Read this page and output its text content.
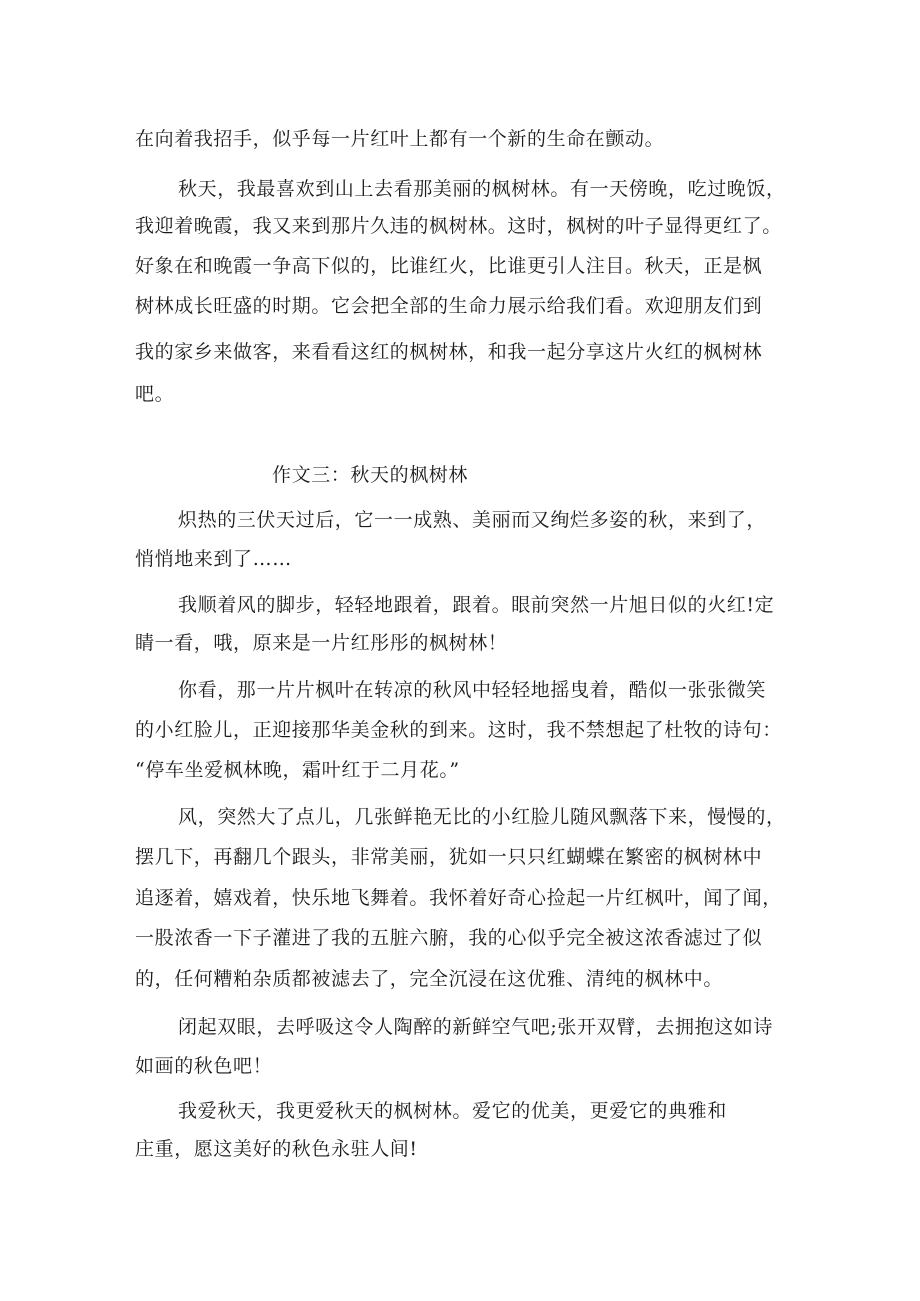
在向着我招手，似乎每一片红叶上都有一个新的生命在颤动。
秋天，我最喜欢到山上去看那美丽的枫树林。有一天傍晚，吃过晚饭，
我迎着晚霞，我又来到那片久违的枫树林。这时，枫树的叶子显得更红了。
好象在和晚霞一争高下似的，比谁红火，比谁更引人注目。秋天，正是枫
树林成长旺盛的时期。它会把全部的生命力展示给我们看。欢迎朋友们到
我的家乡来做客，来看看这红的枫树林，和我一起分享这片火红的枫树林
吧。
作文三：秋天的枫树林
炽热的三伏天过后，它一一成熟、美丽而又绚烂多姿的秋，来到了，
悄悄地来到了……
我顺着风的脚步，轻轻地跟着，跟着。眼前突然一片旭日似的火红!定
睛一看，哦，原来是一片红彤彤的枫树林！
你看，那一片片枫叶在转凉的秋风中轻轻地摇曳着，酷似一张张微笑
的小红脸儿，正迎接那华美金秋的到来。这时，我不禁想起了杜牧的诗句：
“停车坐爱枫林晚，霜叶红于二月花。”
风，突然大了点儿，几张鲜艳无比的小红脸儿随风飘落下来，慢慢的，
摆几下，再翻几个跟头，非常美丽，犹如一只只红蝴蝶在繁密的枫树林中
追逐着，嬉戏着，快乐地飞舞着。我怀着好奇心捡起一片红枫叶，闻了闻，
一股浓香一下子灌进了我的五脏六腑，我的心似乎完全被这浓香滤过了似
的，任何糟粕杂质都被滤去了，完全沉浸在这优雅、清纯的枫林中。
闭起双眼，去呼吸这令人陶醉的新鲜空气吧;张开双臂，去拥抱这如诗
如画的秋色吧！
我爱秋天，我更爱秋天的枫树林。爱它的优美，更爱它的典雅和
庄重，愿这美好的秋色永驻人间!
